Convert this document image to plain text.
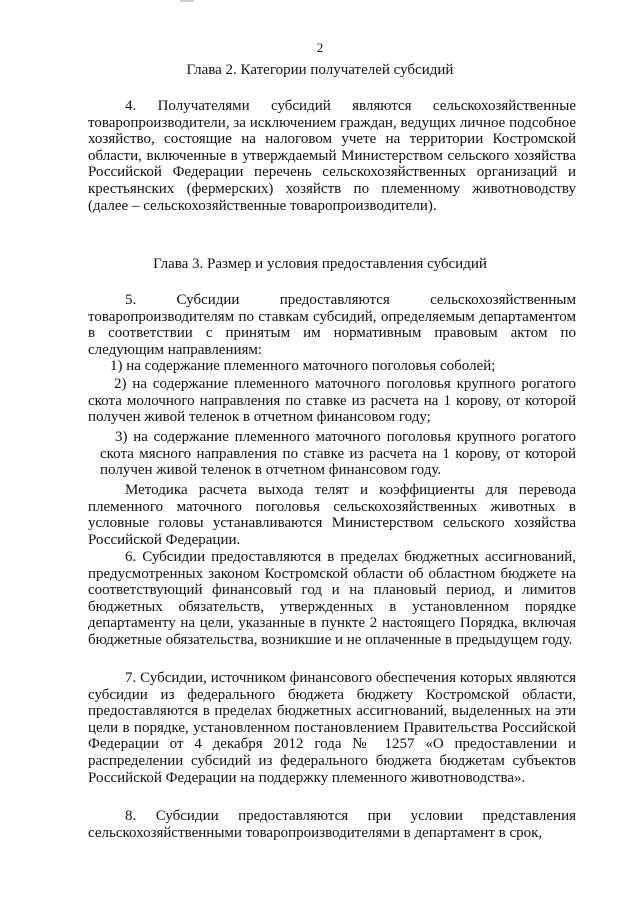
2
Глава 2. Категории получателей субсидий
4. Получателями субсидий являются сельскохозяйственные товаропроизводители, за исключением граждан, ведущих личное подсобное хозяйство, состоящие на налоговом учете на территории Костромской области, включенные в утверждаемый Министерством сельского хозяйства Российской Федерации перечень сельскохозяйственных организаций и крестьянских (фермерских) хозяйств по племенному животноводству (далее – сельскохозяйственные товаропроизводители).
Глава 3. Размер и условия предоставления субсидий
5. Субсидии предоставляются сельскохозяйственным товаропроизводителям по ставкам субсидий, определяемым департаментом в соответствии с принятым им нормативным правовым актом по следующим направлениям:
1) на содержание племенного маточного поголовья соболей;
2) на содержание племенного маточного поголовья крупного рогатого скота молочного направления по ставке из расчета на 1 корову, от которой получен живой теленок в отчетном финансовом году;
3) на содержание племенного маточного поголовья крупного рогатого скота мясного направления по ставке из расчета на 1 корову, от которой получен живой теленок в отчетном финансовом году.
Методика расчета выхода телят и коэффициенты для перевода племенного маточного поголовья сельскохозяйственных животных в условные головы устанавливаются Министерством сельского хозяйства Российской Федерации.
6. Субсидии предоставляются в пределах бюджетных ассигнований, предусмотренных законом Костромской области об областном бюджете на соответствующий финансовый год и на плановый период, и лимитов бюджетных обязательств, утвержденных в установленном порядке департаменту на цели, указанные в пункте 2 настоящего Порядка, включая бюджетные обязательства, возникшие и не оплаченные в предыдущем году.
7. Субсидии, источником финансового обеспечения которых являются субсидии из федерального бюджета бюджету Костромской области, предоставляются в пределах бюджетных ассигнований, выделенных на эти цели в порядке, установленном постановлением Правительства Российской Федерации от 4 декабря 2012 года № 1257 «О предоставлении и распределении субсидий из федерального бюджета бюджетам субъектов Российской Федерации на поддержку племенного животноводства».
8. Субсидии предоставляются при условии представления сельскохозяйственными товаропроизводителями в департамент в срок,
